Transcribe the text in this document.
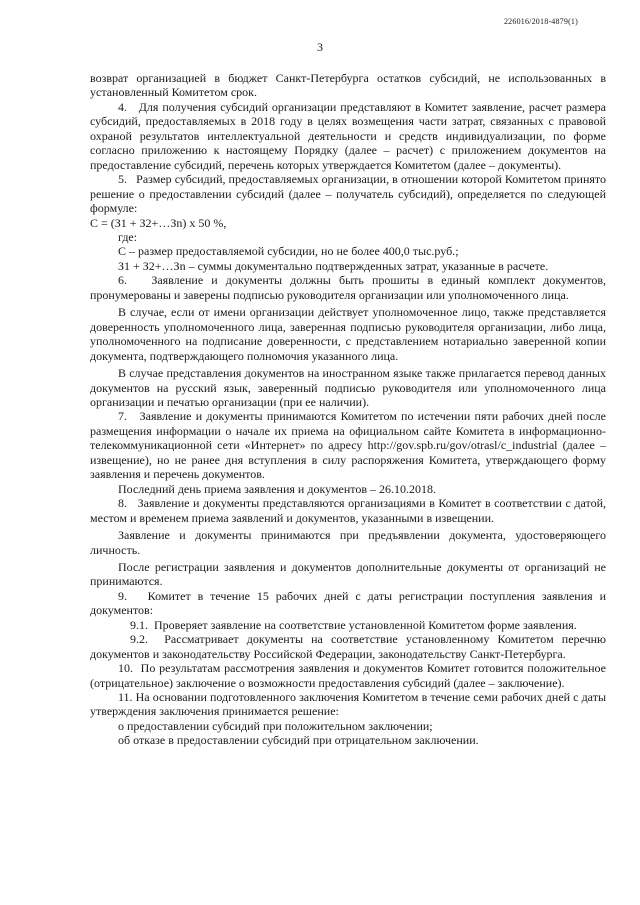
226016/2018-4879(1)
3

возврат организацией в бюджет Санкт-Петербурга остатков субсидий, не использованных в установленный Комитетом срок.

4.   Для получения субсидий организации представляют в Комитет заявление, расчет размера субсидий, предоставляемых в 2018 году в целях возмещения части затрат, связанных с правовой охраной результатов интеллектуальной деятельности и средств индивидуализации, по форме согласно приложению к настоящему Порядку (далее – расчет) с приложением документов на предоставление субсидий, перечень которых утверждается Комитетом (далее – документы).

5.   Размер субсидий, предоставляемых организации, в отношении которой Комитетом принято решение о предоставлении субсидий (далее – получатель субсидий), определяется по следующей формуле:

С = (З1 + З2+…Зn) х 50 %,

где:

С – размер предоставляемой субсидии, но не более 400,0 тыс.руб.;

З1 + З2+…Зn – суммы документально подтвержденных затрат, указанные в расчете.

6.   Заявление и документы должны быть прошиты в единый комплект документов, пронумерованы и заверены подписью руководителя организации или уполномоченного лица.

В случае, если от имени организации действует уполномоченное лицо, также представляется доверенность уполномоченного лица, заверенная подписью руководителя организации, либо лица, уполномоченного на подписание доверенности, с представлением нотариально заверенной копии документа, подтверждающего полномочия указанного лица.

В случае представления документов на иностранном языке также прилагается перевод данных документов на русский язык, заверенный подписью руководителя или уполномоченного лица организации и печатью организации (при ее наличии).

7.   Заявление и документы принимаются Комитетом по истечении пяти рабочих дней после размещения информации о начале их приема на официальном сайте Комитета в информационно-телекоммуникационной сети «Интернет» по адресу http://gov.spb.ru/gov/otrasl/c_industrial (далее – извещение), но не ранее дня вступления в силу распоряжения Комитета, утверждающего форму заявления и перечень документов.

Последний день приема заявления и документов – 26.10.2018.

8.   Заявление и документы представляются организациями в Комитет в соответствии с датой, местом и временем приема заявлений и документов, указанными в извещении.

Заявление и документы принимаются при предъявлении документа, удостоверяющего личность.

После регистрации заявления и документов дополнительные документы от организаций не принимаются.

9.   Комитет в течение 15 рабочих дней с даты регистрации поступления заявления и документов:

9.1.  Проверяет заявление на соответствие установленной Комитетом форме заявления.

9.2.  Рассматривает документы на соответствие установленному Комитетом перечню документов и законодательству Российской Федерации, законодательству Санкт-Петербурга.

10.  По результатам рассмотрения заявления и документов Комитет готовится положительное (отрицательное) заключение о возможности предоставления субсидий (далее – заключение).

11. На основании подготовленного заключения Комитетом в течение семи рабочих дней с даты утверждения заключения принимается решение:

о предоставлении субсидий при положительном заключении;

об отказе в предоставлении субсидий при отрицательном заключении.
